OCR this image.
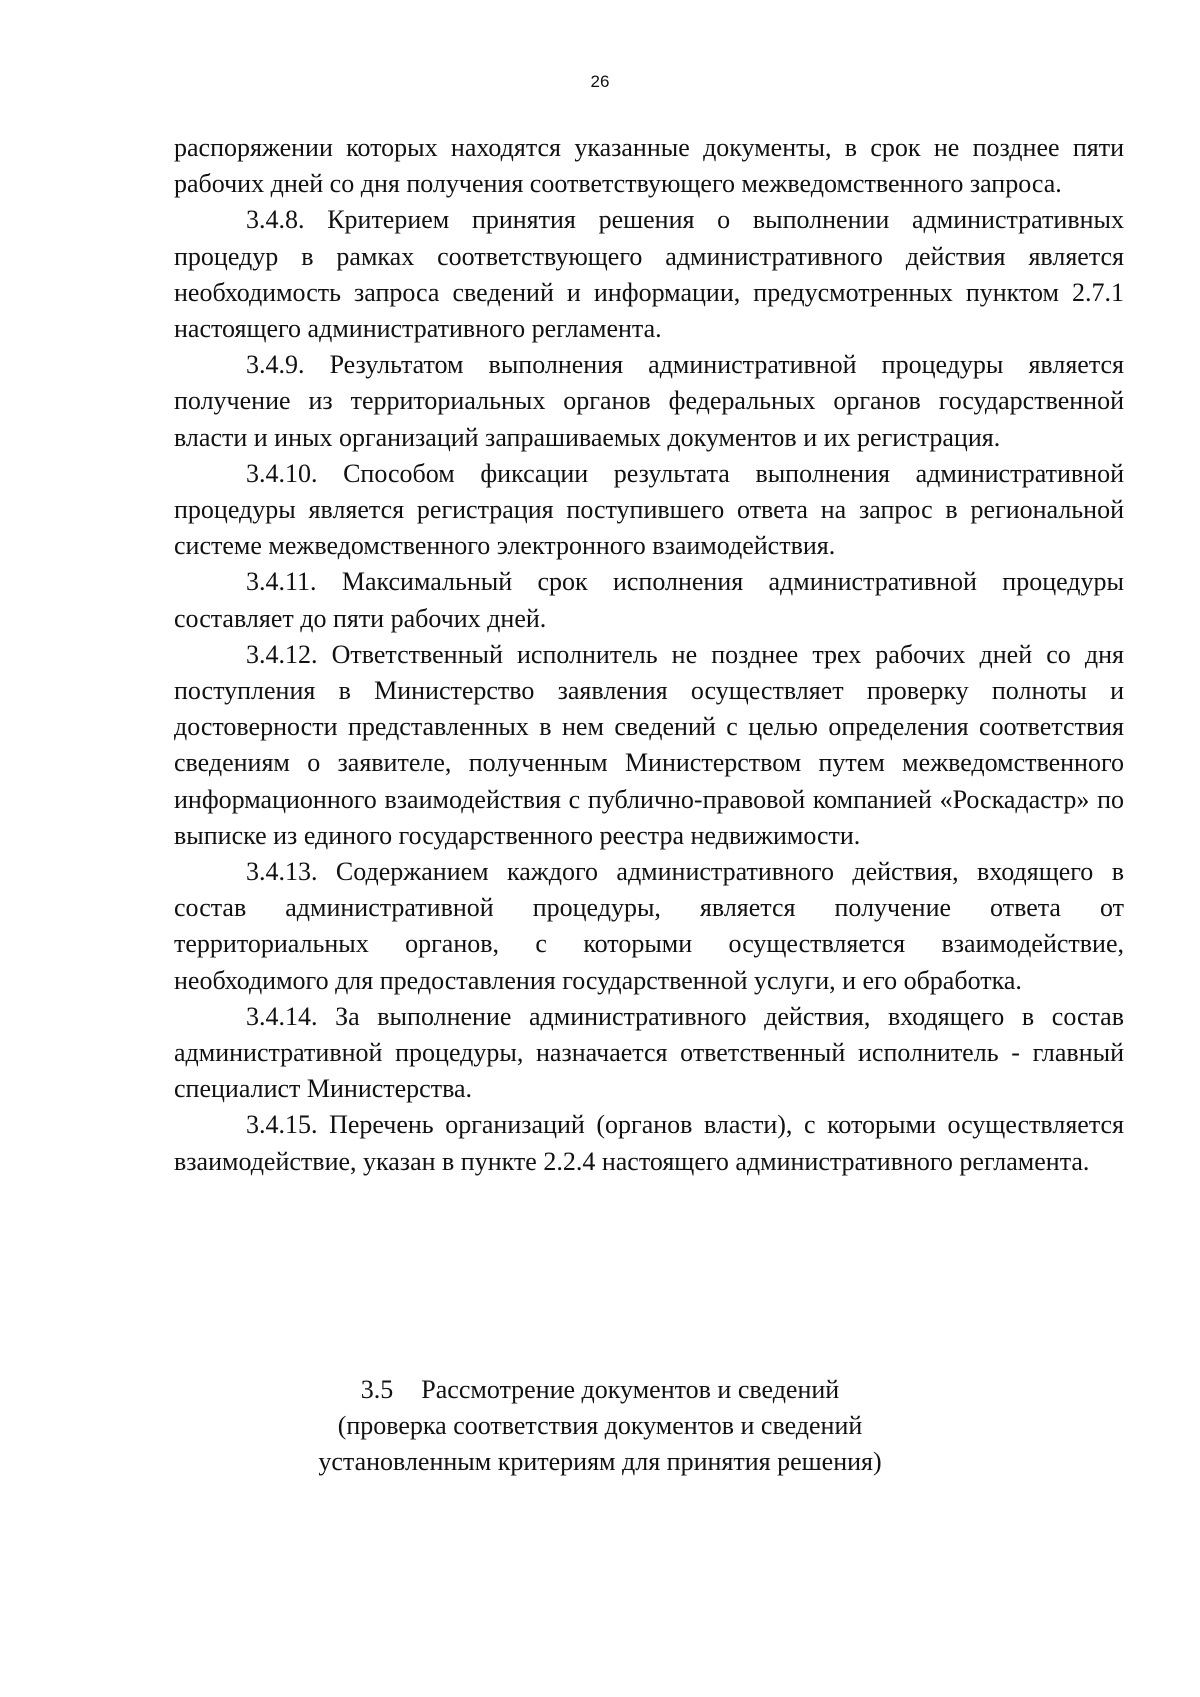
26

распоряжении которых находятся указанные документы, в срок не позднее пяти рабочих дней со дня получения соответствующего межведомственного запроса.

3.4.8. Критерием принятия решения о выполнении административных процедур в рамках соответствующего административного действия является необходимость запроса сведений и информации, предусмотренных пунктом 2.7.1 настоящего административного регламента.

3.4.9. Результатом выполнения административной процедуры является получение из территориальных органов федеральных органов государственной власти и иных организаций запрашиваемых документов и их регистрация.

3.4.10. Способом фиксации результата выполнения административной процедуры является регистрация поступившего ответа на запрос в региональной системе межведомственного электронного взаимодействия.

3.4.11. Максимальный срок исполнения административной процедуры составляет до пяти рабочих дней.

3.4.12. Ответственный исполнитель не позднее трех рабочих дней со дня поступления в Министерство заявления осуществляет проверку полноты и достоверности представленных в нем сведений с целью определения соответствия сведениям о заявителе, полученным Министерством путем межведомственного информационного взаимодействия с публично-правовой компанией «Роскадастр» по выписке из единого государственного реестра недвижимости.

3.4.13. Содержанием каждого административного действия, входящего в состав административной процедуры, является получение ответа от территориальных органов, с которыми осуществляется взаимодействие, необходимого для предоставления государственной услуги, и его обработка.

3.4.14. За выполнение административного действия, входящего в состав административной процедуры, назначается ответственный исполнитель - главный специалист Министерства.

3.4.15. Перечень организаций (органов власти), с которыми осуществляется взаимодействие, указан в пункте 2.2.4 настоящего административного регламента.

3.5 Рассмотрение документов и сведений
(проверка соответствия документов и сведений
установленным критериям для принятия решения)
